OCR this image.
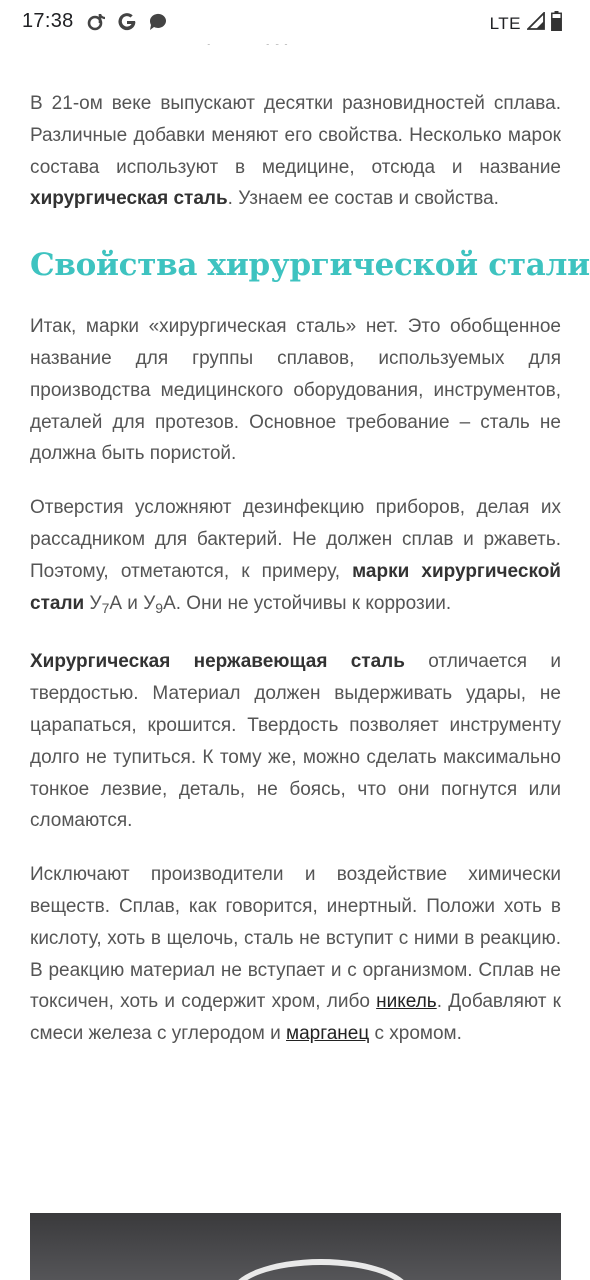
17:38	LTE

В 21-ом веке выпускают десятки разновидностей сплава. Различные добавки меняют его свойства. Несколько марок состава используют в медицине, отсюда и название хирургическая сталь. Узнаем ее состав и свойства.

Свойства хирургической стали

Итак, марки «хирургическая сталь» нет. Это обобщенное название для группы сплавов, используемых для производства медицинского оборудования, инструментов, деталей для протезов. Основное требование – сталь не должна быть пористой.

Отверстия усложняют дезинфекцию приборов, делая их рассадником для бактерий. Не должен сплав и ржаветь. Поэтому, отметаются, к примеру, марки хирургической стали $У_7А$ и $У_9А$. Они не устойчивы к коррозии.

Хирургическая нержавеющая сталь отличается и твердостью. Материал должен выдерживать удары, не царапаться, крошится. Твердость позволяет инструменту долго не тупиться. К тому же, можно сделать максимально тонкое лезвие, деталь, не боясь, что они погнутся или сломаются.

Исключают производители и воздействие химически веществ. Сплав, как говорится, инертный. Положи хоть в кислоту, хоть в щелочь, сталь не вступит с ними в реакцию. В реакцию материал не вступает и с организмом. Сплав не токсичен, хоть и содержит хром, либо никель. Добавляют к смеси железа с углеродом и марганец с хромом.
